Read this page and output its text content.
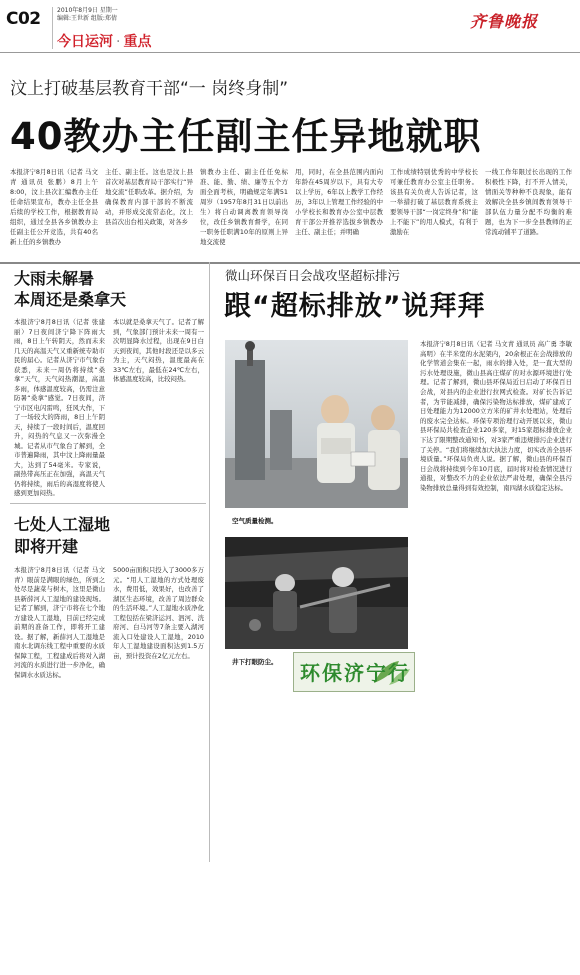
C02	2010年8月9日 星期一
编辑:王世新 组版:郑倩
今日运河 · 重点
齐鲁晚报
汶上打破基层教育干部“一 岗终身制”
40教办主任副主任异地就职
本报济宁8月8日讯（记者 马文青 通讯员 张鹏）8月上午8:00，汶上县次汇编教办主任任命结果宣布，教办主任全县后续的学校工作，根据教育局组织，通过全县各乡镇教办主任副主任公开竞选，共有40名新上任的乡镇教办
主任、副主任。这也是汶上县首次对基层教育局干部实行“异地交流”任职改革。据介绍，为确保教育内部干部的不断流动，并形成交流常态化，汶上县首次出台相关政策，对各乡
镇教办主任、副主任任免标准、能、勤、绩、廉等五个方面全面考核，明确规定年满51周岁（1957年8月31日以前出生）将自动调离教育领导岗位，改任乡镇教育督学，在同一职务任职满10年的原则上异地交流使
用，同时，在全县范围内面向年龄在45周岁以下，具有大专以上学历，6年以上教学工作经历，3年以上管理工作经验的中小学校长和教育办公室中层教育干部公开推荐选拔乡镇教办主任、副主任；并明确
工作成绩特别优秀的中学校长可兼任教育办公室主任职务。该县有关负责人告诉记者，这一举措打破了基层教育系统主要领导干部“一岗定终身”和“能上不能下”的用人模式，有利于激励在
一线工作年限过长出现的工作积极性下降，打不开人情关，情面关等种种不良现象，能有效解决全县乡镇间教育领导干部队伍力量分配不均衡的难题，也为下一步全县教师的正常流动铺平了道路。
大雨未解暑
本周还是桑拿天
本报济宁8月8日讯（记者 张建丽）7日夜间济宁降下阵雨大雨，8日上午转阴天，然而未来几天的高温天气又重新统专助市民的届心。记者从济宁市气象台获悉，未来一周仍将持续“桑拿”天气，天气闷热潮湿，高温多雨，体感温度较高，仍需注意防暑“桑拿”感觉。7日夜间，济宁市区电闪雷鸣，狂风大作，下了一场较大的阵雨，8日上午阴天，持续了一段时间后，温度回升，闷热的气息又一次弥漫全城。记者从市气象台了解到，全市普遍降雨，其中汶上降雨量最大，达到了54毫米。专家说，副热带高压正在加强，高温天气仍将持续，雨后的高湿度将使人感到更加闷热。
本以就是桑拿天气了。记者了解到，气象部门预计未来一周有一次明显降水过程，出现在9日白天到夜间，其他时段还是以多云为主，天气闷热，温度最高在33℃左右，最低在24℃左右，体感温度较高，比较闷热。
七处人工湿地
即将开建
本报济宁8月8日讯（记者 马文青）眼前是满眼的绿色，所到之处尽是蔬菜与树木，这里是微山县新薛河人工湿地的建设现场。记者了解到，济宁市将在七个地方建设人工湿地，目前已经完成前期的准备工作，即将开工建设。据了解，新薛河人工湿地是南水北调东线工程中重要的水质保障工程，工程建成后将对入湖河流的水质进行进一步净化，确保调水水质达标。
5000亩面积只投入了3000多万元。“用人工湿地的方式处理废水，费用低，效果好，也改善了湖区生态环境，改善了周边群众的生活环境。”人工湿地水质净化工程包括在梁济运河、泗河、洸府河、白马河等7条主要入湖河流入口处建设人工湿地，2010年人工湿地建设面积达到1.5万亩，预计投资在2亿元左右。
微山环保百日会战攻坚超标排污
跟“超标排放”说拜拜
空气质量检测。
井下打眼防尘。 环保济宁行
本报济宁8月8日讯（记者 马文青 通讯员 高广勇 李敏 高明）在半米宽的水泥架内，20余根正在会战排放的化学管道会集在一起，雨水的排入处，是一直大型的污水处理设施，微山县高庄煤矿的对水源环境进行处理。记者了解到，微山县环保局近日启动了环保百日会战，对县内的企业进行拉网式检查。对矿长告诉记者，为节能减排，确保污染物达标排放，煤矿建成了日处理能力为12000立方米的矿井水处理站，处理后的废水完全达标。环保专项治理行动开展以来，微山县环保局共检查企业120多家，对15家超标排放企业下达了限期整改通知书，对3家严重违规排污企业进行了关停。“我们将继续加大执法力度，切实改善全县环境质量。”环保局负责人说。据了解，微山县的环保百日会战将持续到今年10月底，届时将对检查情况进行通报，对整改不力的企业依法严肃处理，确保全县污染物排放总量得到有效控制，南四湖水质稳定达标。
